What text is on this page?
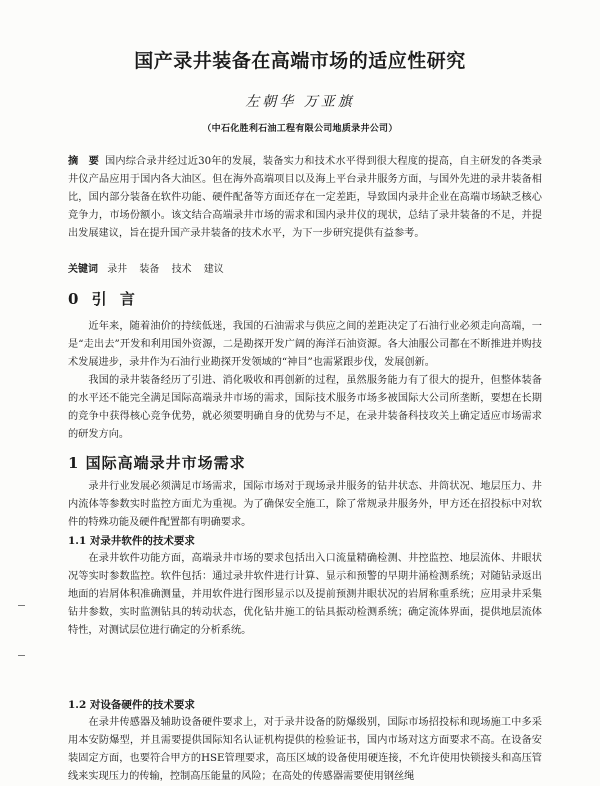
国产录井装备在高端市场的适应性研究
左朝华 万亚旗
（中石化胜利石油工程有限公司地质录井公司）
摘　要 国内综合录井经过近30年的发展，装备实力和技术水平得到很大程度的提高，自主研发的各类录井仪产品应用于国内各大油区。但在海外高端项目以及海上平台录井服务方面，与国外先进的录井装备相比，国内部分装备在软件功能、硬件配备等方面还存在一定差距，导致国内录井企业在高端市场缺乏核心竞争力，市场份额小。该文结合高端录井市场的需求和国内录井仪的现状，总结了录井装备的不足，并提出发展建议，旨在提升国产录井装备的技术水平，为下一步研究提供有益参考。
关键词 录井 装备 技术 建议
0 引 言

近年来，随着油价的持续低迷，我国的石油需求与供应之间的差距决定了石油行业必须走向高端，一是“走出去”开发和利用国外资源，二是勘探开发广阔的海洋石油资源。各大油服公司都在不断推进并购技术发展进步，录井作为石油行业勘探开发领域的“神目”也需紧跟步伐，发展创新。

我国的录井装备经历了引进、消化吸收和再创新的过程，虽然服务能力有了很大的提升，但整体装备的水平还不能完全满足国际高端录井市场的需求，国际技术服务市场多被国际大公司所垄断，要想在长期的竞争中获得核心竞争优势，就必须要明确自身的优势与不足，在录井装备科技攻关上确定适应市场需求的研发方向。

1 国际高端录井市场需求

录井行业发展必须满足市场需求，国际市场对于现场录井服务的钻井状态、井筒状况、地层压力、井内流体等参数实时监控方面尤为重视。为了确保安全施工，除了常规录井服务外，甲方还在招投标中对软件的特殊功能及硬件配置都有明确要求。

1.1 对录井软件的技术要求

在录井软件功能方面，高端录井市场的要求包括出入口流量精确检测、井控监控、地层流体、井眼状况等实时参数监控。软件包括：通过录井软件进行计算、显示和预警的早期井涌检测系统；对随钻录返出地面的岩屑体积准确测量，并用软件进行图形显示以及提前预测井眼状况的岩屑称重系统；应用录井采集钻井参数，实时监测钻具的转动状态，优化钻井施工的钻具振动检测系统；确定流体界面，提供地层流体特性，对测试层位进行确定的分析系统。

1.2 对设备硬件的技术要求

在录井传感器及辅助设备硬件要求上，对于录井设备的防爆级别，国际市场招投标和现场施工中多采用本安防爆型，并且需要提供国际知名认证机构提供的检验证书，国内市场对这方面要求不高。在设备安装固定方面，也要符合甲方的HSE管理要求，高压区域的设备使用硬连接，不允许使用快锁接头和高压管线来实现压力的传输，控制高压能量的风险；在高处的传感器需要使用钢丝绳
